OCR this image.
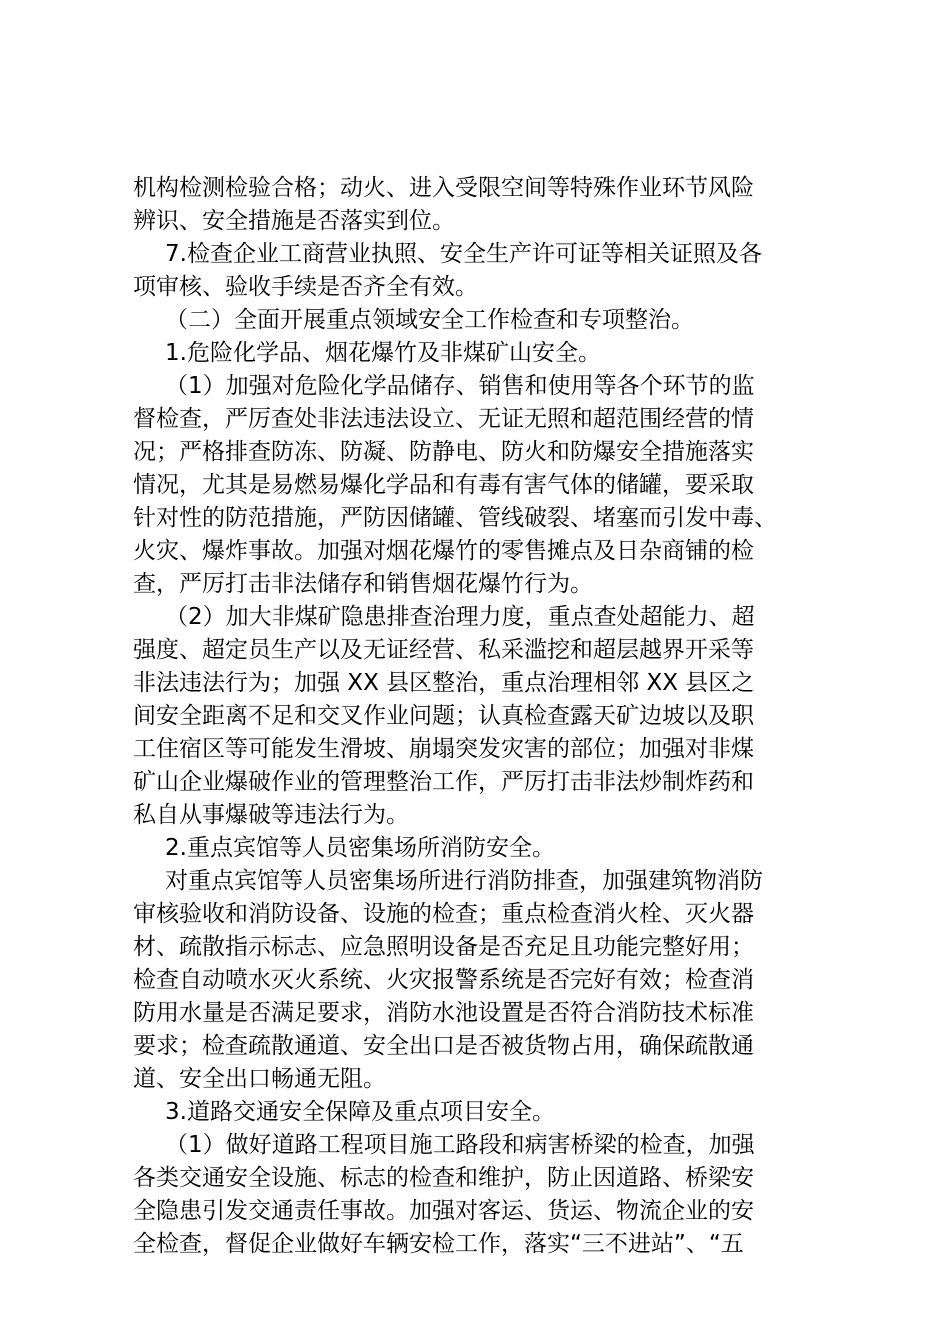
机构检测检验合格；动火、进入受限空间等特殊作业环节风险
辨识、安全措施是否落实到位。
7.检查企业工商营业执照、安全生产许可证等相关证照及各
项审核、验收手续是否齐全有效。
（二）全面开展重点领域安全工作检查和专项整治。
1.危险化学品、烟花爆竹及非煤矿山安全。
（1）加强对危险化学品储存、销售和使用等各个环节的监
督检查，严厉查处非法违法设立、无证无照和超范围经营的情
况；严格排查防冻、防凝、防静电、防火和防爆安全措施落实
情况，尤其是易燃易爆化学品和有毒有害气体的储罐，要采取
针对性的防范措施，严防因储罐、管线破裂、堵塞而引发中毒、
火灾、爆炸事故。加强对烟花爆竹的零售摊点及日杂商铺的检
查，严厉打击非法储存和销售烟花爆竹行为。
（2）加大非煤矿隐患排查治理力度，重点查处超能力、超
强度、超定员生产以及无证经营、私采滥挖和超层越界开采等
非法违法行为；加强 XX 县区整治，重点治理相邻 XX 县区之
间安全距离不足和交叉作业问题；认真检查露天矿边坡以及职
工住宿区等可能发生滑坡、崩塌突发灾害的部位；加强对非煤
矿山企业爆破作业的管理整治工作，严厉打击非法炒制炸药和
私自从事爆破等违法行为。
2.重点宾馆等人员密集场所消防安全。
对重点宾馆等人员密集场所进行消防排查，加强建筑物消防
审核验收和消防设备、设施的检查；重点检查消火栓、灭火器
材、疏散指示标志、应急照明设备是否充足且功能完整好用；
检查自动喷水灭火系统、火灾报警系统是否完好有效；检查消
防用水量是否满足要求，消防水池设置是否符合消防技术标准
要求；检查疏散通道、安全出口是否被货物占用，确保疏散通
道、安全出口畅通无阻。
3.道路交通安全保障及重点项目安全。
（1）做好道路工程项目施工路段和病害桥梁的检查，加强
各类交通安全设施、标志的检查和维护，防止因道路、桥梁安
全隐患引发交通责任事故。加强对客运、货运、物流企业的安
全检查，督促企业做好车辆安检工作，落实“三不进站”、“五
